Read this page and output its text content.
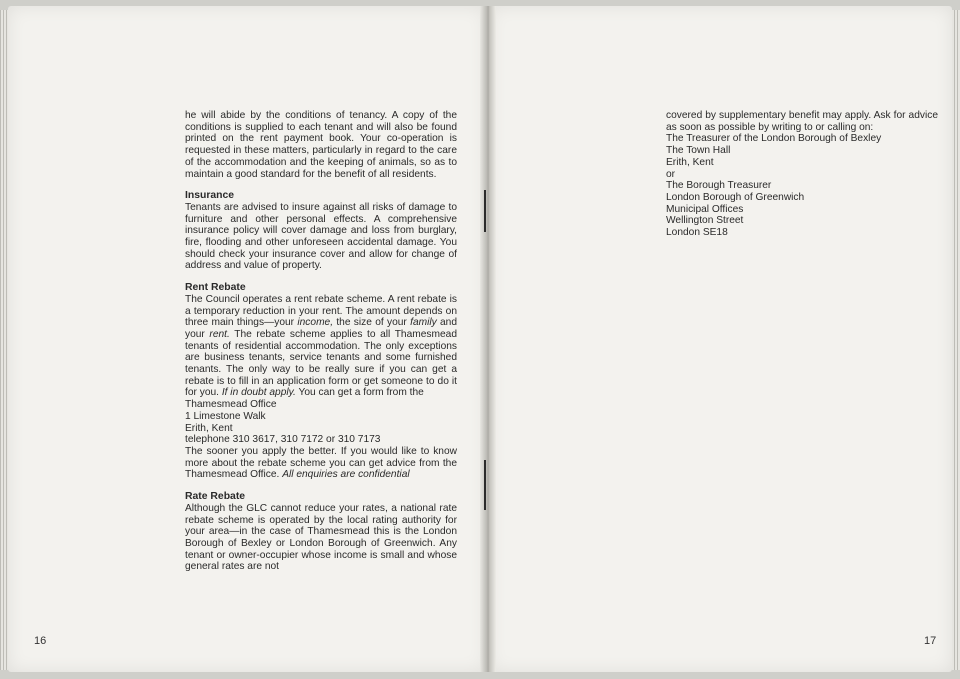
he will abide by the conditions of tenancy. A copy of the conditions is supplied to each tenant and will also be found printed on the rent payment book. Your co-operation is requested in these matters, particularly in regard to the care of the accommodation and the keeping of animals, so as to maintain a good standard for the benefit of all residents.

Insurance

Tenants are advised to insure against all risks of damage to furniture and other personal effects. A comprehensive insurance policy will cover damage and loss from burglary, fire, flooding and other unforeseen accidental damage. You should check your insurance cover and allow for change of address and value of property.

Rent Rebate

The Council operates a rent rebate scheme. A rent rebate is a temporary reduction in your rent. The amount depends on three main things—your income, the size of your family and your rent. The rebate scheme applies to all Thamesmead tenants of residential accommodation. The only exceptions are business tenants, service tenants and some furnished tenants. The only way to be really sure if you can get a rebate is to fill in an application form or get someone to do it for you. If in doubt apply. You can get a form from the

Thamesmead Office
1 Limestone Walk
Erith, Kent
telephone 310 3617, 310 7172 or 310 7173

The sooner you apply the better. If you would like to know more about the rebate scheme you can get advice from the Thamesmead Office. All enquiries are confidential

Rate Rebate

Although the GLC cannot reduce your rates, a national rate rebate scheme is operated by the local rating authority for your area—in the case of Thamesmead this is the London Borough of Bexley or London Borough of Greenwich. Any tenant or owner-occupier whose income is small and whose general rates are not

covered by supplementary benefit may apply. Ask for advice as soon as possible by writing to or calling on:

The Treasurer of the London Borough of Bexley
The Town Hall
Erith, Kent
or
The Borough Treasurer
London Borough of Greenwich
Municipal Offices
Wellington Street
London SE18
16	17
